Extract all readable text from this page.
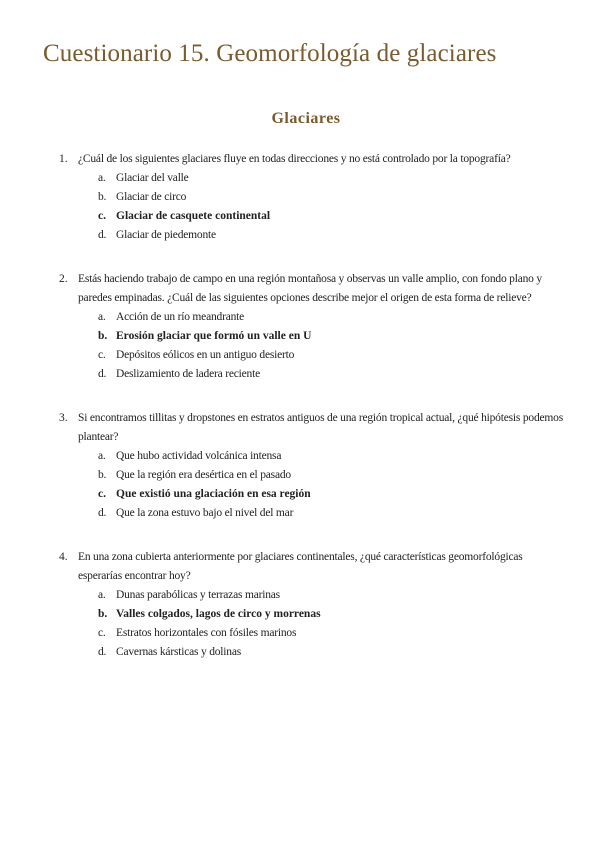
Cuestionario 15. Geomorfología de glaciares
Glaciares
1. ¿Cuál de los siguientes glaciares fluye en todas direcciones y no está controlado por la topografía?
a. Glaciar del valle
b. Glaciar de circo
c. Glaciar de casquete continental
d. Glaciar de piedemonte
2. Estás haciendo trabajo de campo en una región montañosa y observas un valle amplio, con fondo plano y paredes empinadas. ¿Cuál de las siguientes opciones describe mejor el origen de esta forma de relieve?
a. Acción de un río meandrante
b. Erosión glaciar que formó un valle en U
c. Depósitos eólicos en un antiguo desierto
d. Deslizamiento de ladera reciente
3. Si encontramos tillitas y dropstones en estratos antiguos de una región tropical actual, ¿qué hipótesis podemos plantear?
a. Que hubo actividad volcánica intensa
b. Que la región era desértica en el pasado
c. Que existió una glaciación en esa región
d. Que la zona estuvo bajo el nivel del mar
4. En una zona cubierta anteriormente por glaciares continentales, ¿qué características geomorfológicas esperarías encontrar hoy?
a. Dunas parabólicas y terrazas marinas
b. Valles colgados, lagos de circo y morrenas
c. Estratos horizontales con fósiles marinos
d. Cavernas kársticas y dolinas
